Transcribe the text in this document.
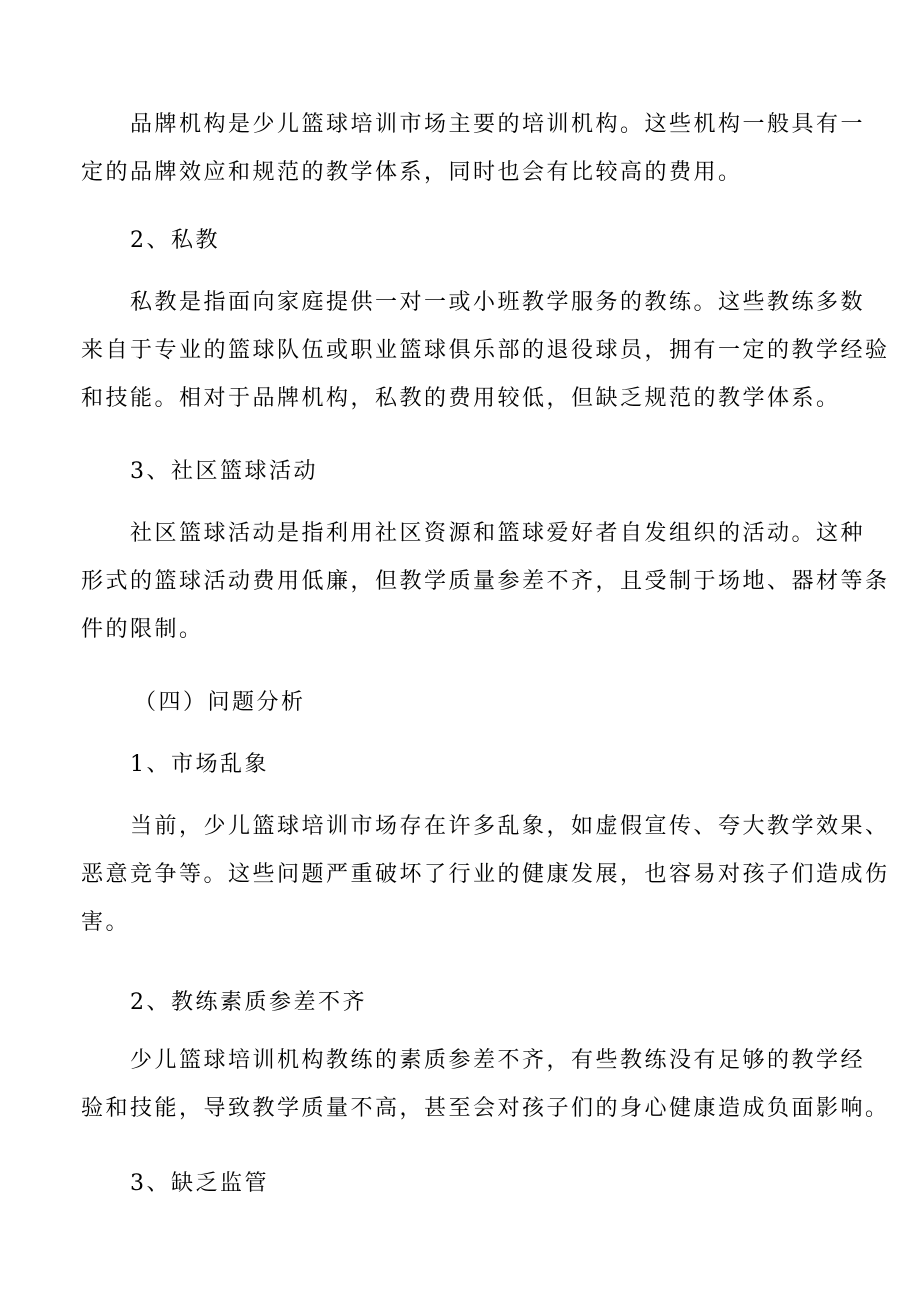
品牌机构是少儿篮球培训市场主要的培训机构。这些机构一般具有一
定的品牌效应和规范的教学体系，同时也会有比较高的费用。
2、私教
私教是指面向家庭提供一对一或小班教学服务的教练。这些教练多数
来自于专业的篮球队伍或职业篮球俱乐部的退役球员，拥有一定的教学经验
和技能。相对于品牌机构，私教的费用较低，但缺乏规范的教学体系。
3、社区篮球活动
社区篮球活动是指利用社区资源和篮球爱好者自发组织的活动。这种
形式的篮球活动费用低廉，但教学质量参差不齐，且受制于场地、器材等条
件的限制。
（四）问题分析
1、市场乱象
当前，少儿篮球培训市场存在许多乱象，如虚假宣传、夸大教学效果、
恶意竞争等。这些问题严重破坏了行业的健康发展，也容易对孩子们造成伤
害。
2、教练素质参差不齐
少儿篮球培训机构教练的素质参差不齐，有些教练没有足够的教学经
验和技能，导致教学质量不高，甚至会对孩子们的身心健康造成负面影响。
3、缺乏监管
